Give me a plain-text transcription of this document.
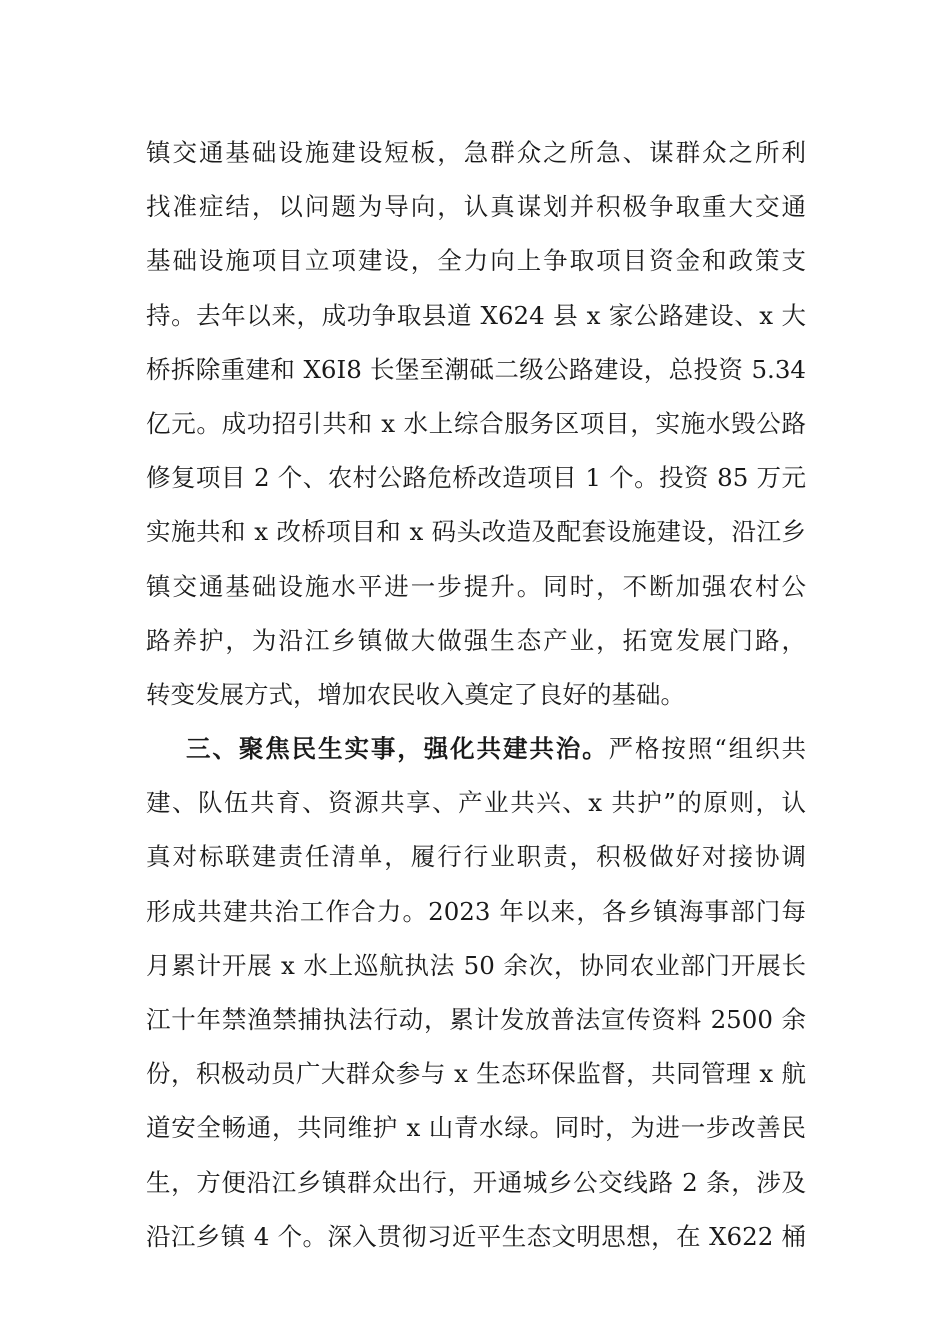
镇交通基础设施建设短板，急群众之所急、谋群众之所利
找准症结，以问题为导向，认真谋划并积极争取重大交通
基础设施项目立项建设，全力向上争取项目资金和政策支
持。去年以来，成功争取县道 X624 县 x 家公路建设、x 大
桥拆除重建和 X6I8 长堡至潮砥二级公路建设，总投资 5.34
亿元。成功招引共和 x 水上综合服务区项目，实施水毁公路
修复项目 2 个、农村公路危桥改造项目 1 个。投资 85 万元
实施共和 x 改桥项目和 x 码头改造及配套设施建设，沿江乡
镇交通基础设施水平进一步提升。同时，不断加强农村公
路养护，为沿江乡镇做大做强生态产业，拓宽发展门路，
转变发展方式，增加农民收入奠定了良好的基础。
三、聚焦民生实事，强化共建共治。严格按照“组织共
建、队伍共育、资源共享、产业共兴、x 共护”的原则，认
真对标联建责任清单，履行行业职责，积极做好对接协调
形成共建共治工作合力。2023 年以来，各乡镇海事部门每
月累计开展 x 水上巡航执法 50 余次，协同农业部门开展长
江十年禁渔禁捕执法行动，累计发放普法宣传资料 2500 余
份，积极动员广大群众参与 x 生态环保监督，共同管理 x 航
道安全畅通，共同维护 x 山青水绿。同时，为进一步改善民
生，方便沿江乡镇群众出行，开通城乡公交线路 2 条，涉及
沿江乡镇 4 个。深入贯彻习近平生态文明思想，在 X622 桶
